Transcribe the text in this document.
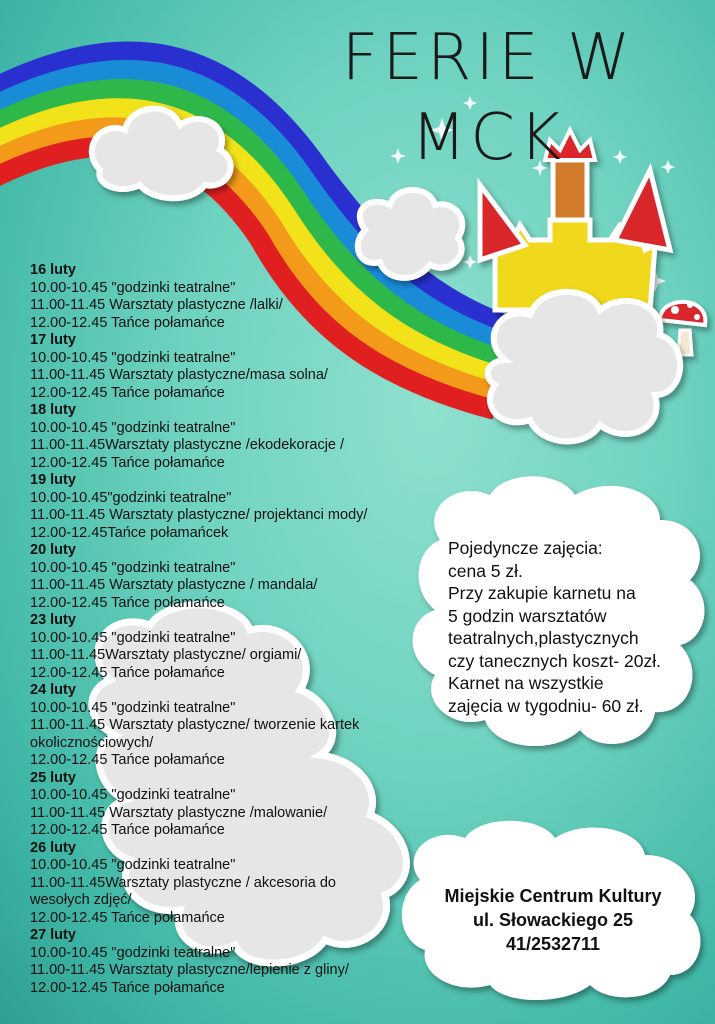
FERIE W MCK
16 luty
10.00-10.45 "godzinki teatralne"
11.00-11.45 Warsztaty plastyczne /lalki/
12.00-12.45 Tańce połamańce
17 luty
10.00-10.45 "godzinki teatralne"
11.00-11.45 Warsztaty plastyczne/masa solna/
12.00-12.45 Tańce połamańce
18 luty
10.00-10.45 "godzinki teatralne"
11.00-11.45Warsztaty plastyczne /ekodekoracje /
12.00-12.45 Tańce połamańce
19 luty
10.00-10.45"godzinki teatralne"
11.00-11.45 Warsztaty plastyczne/ projektanci mody/
12.00-12.45Tańce połamańcek
20 luty
10.00-10.45 "godzinki teatralne"
11.00-11.45 Warsztaty plastyczne / mandala/
12.00-12.45 Tańce połamańce
23 luty
10.00-10.45 "godzinki teatralne"
11.00-11.45Warsztaty plastyczne/ orgiami/
12.00-12.45 Tańce połamańce
24 luty
10.00-10.45 "godzinki teatralne"
11.00-11.45 Warsztaty plastyczne/ tworzenie kartek okolicznościowych/
12.00-12.45 Tańce połamańce
25 luty
10.00-10.45 "godzinki teatralne"
11.00-11.45 Warsztaty plastyczne /malowanie/
12.00-12.45 Tańce połamańce
26 luty
10.00-10.45 "godzinki teatralne"
11.00-11.45Warsztaty plastyczne / akcesoria do wesołych zdjęć/
12.00-12.45 Tańce połamańce
27 luty
10.00-10.45 "godzinki teatralne"
11.00-11.45 Warsztaty plastyczne/lepienie z gliny/
12.00-12.45 Tańce połamańce
Pojedyncze zajęcia:
cena 5 zł.
Przy zakupie karnetu na
5 godzin warsztatów
teatralnych,plastycznych
czy tanecznych koszt- 20zł.
Karnet na wszystkie
zajęcia w tygodniu- 60 zł.
Miejskie Centrum Kultury
ul. Słowackiego 25
41/2532711
